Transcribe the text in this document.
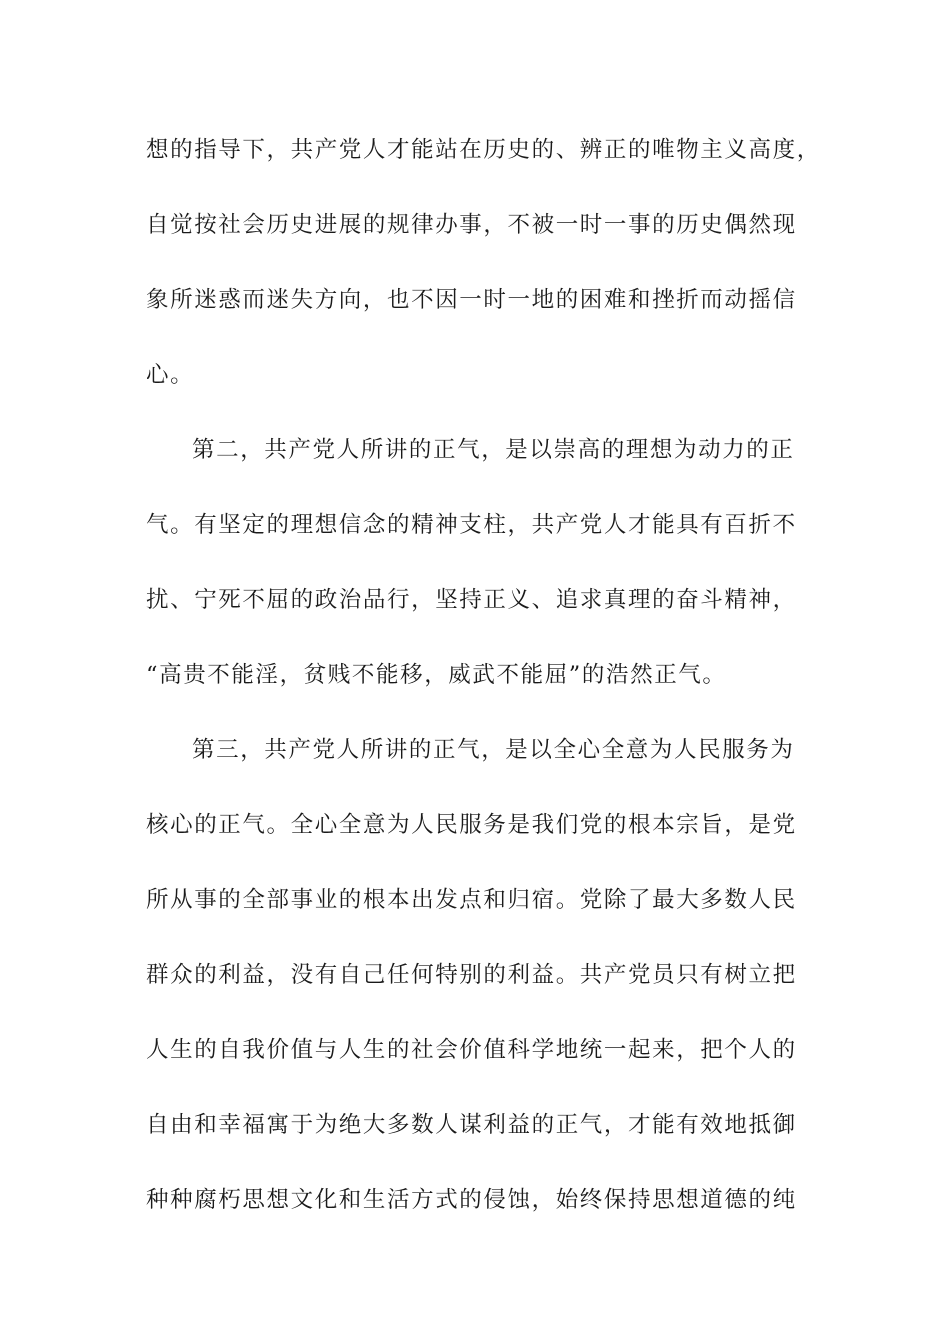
想的指导下，共产党人才能站在历史的、辨正的唯物主义高度，
自觉按社会历史进展的规律办事，不被一时一事的历史偶然现
象所迷惑而迷失方向，也不因一时一地的困难和挫折而动摇信
心。
第二，共产党人所讲的正气，是以崇高的理想为动力的正
气。有坚定的理想信念的精神支柱，共产党人才能具有百折不
扰、宁死不屈的政治品行，坚持正义、追求真理的奋斗精神，
“高贵不能淫，贫贱不能移，威武不能屈”的浩然正气。
第三，共产党人所讲的正气，是以全心全意为人民服务为
核心的正气。全心全意为人民服务是我们党的根本宗旨，是党
所从事的全部事业的根本出发点和归宿。党除了最大多数人民
群众的利益，没有自己任何特别的利益。共产党员只有树立把
人生的自我价值与人生的社会价值科学地统一起来，把个人的
自由和幸福寓于为绝大多数人谋利益的正气，才能有效地抵御
种种腐朽思想文化和生活方式的侵蚀，始终保持思想道德的纯
